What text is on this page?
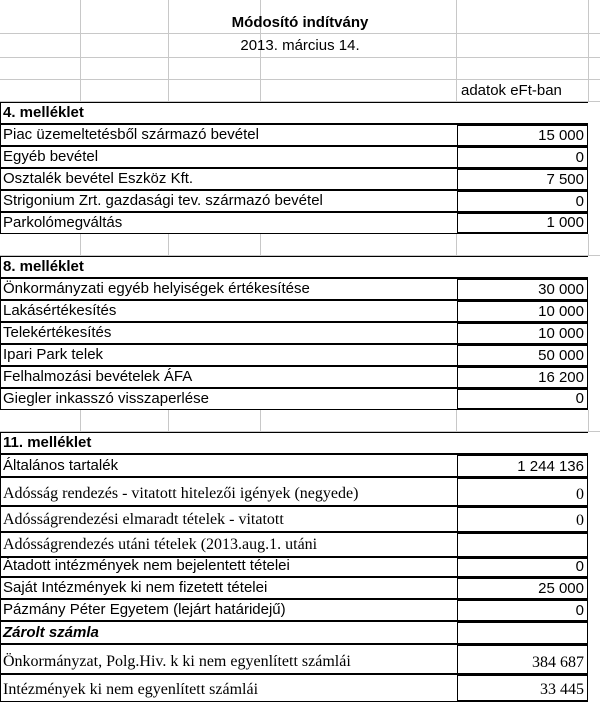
Módosító indítvány
2013. március 14.
adatok eFt-ban
4. melléklet
Piac üzemeltetésből származó bevétel	15 000
Egyéb bevétel	0
Osztalék bevétel Eszköz Kft.	7 500
Strigonium Zrt. gazdasági tev. származó bevétel	0
Parkolómegváltás	1 000
8. melléklet
Önkormányzati egyéb helyiségek értékesítése	30 000
Lakásértékesítés	10 000
Telekértékesítés	10 000
Ipari Park telek	50 000
Felhalmozási bevételek ÁFA	16 200
Giegler inkasszó visszaperlése	0
11. melléklet
Általános tartalék	1 244 136
Adósság rendezés - vitatott hitelezői igények (negyede)	0
Adósságrendezési elmaradt tételek - vitatott	0
Adósságrendezés utáni tételek (2013.aug.1. utáni
Átadott intézmények nem bejelentett tételei	0
Saját Intézmények ki nem fizetett tételei	25 000
Pázmány Péter Egyetem (lejárt határidejű)	0
Zárolt számla
Önkormányzat, Polg.Hiv. k ki nem egyenlített számlái	384 687
Intézmények ki nem egyenlített számlái	33 445
